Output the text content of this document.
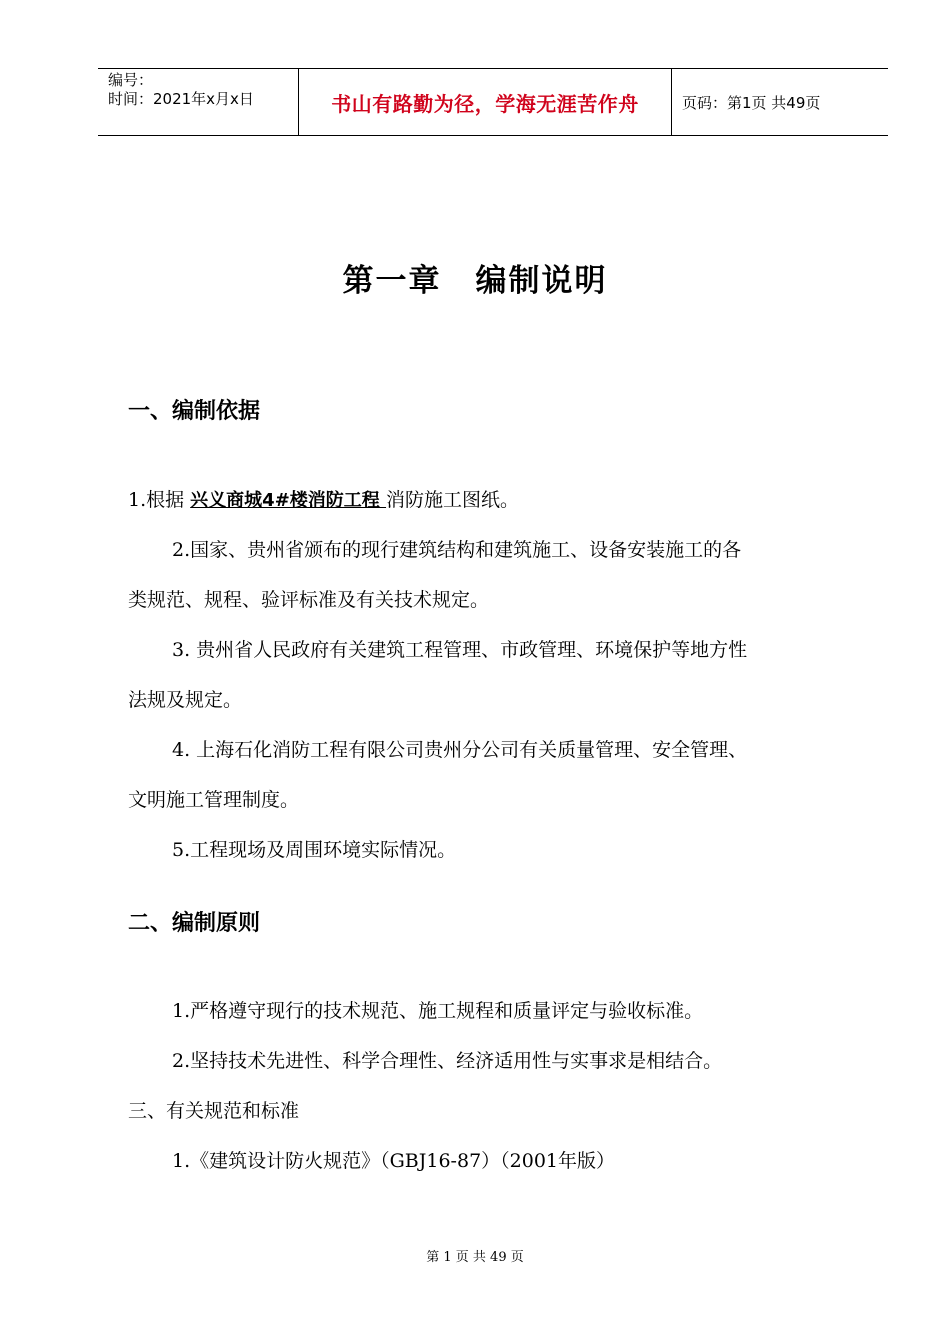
编号：
时间：2021年x月x日	书山有路勤为径，学海无涯苦作舟	页码：第1页 共49页
第一章 编制说明
一、编制依据
1.根据 兴义商城4#楼消防工程 消防施工图纸。
2.国家、贵州省颁布的现行建筑结构和建筑施工、设备安装施工的各
类规范、规程、验评标准及有关技术规定。
3. 贵州省人民政府有关建筑工程管理、市政管理、环境保护等地方性
法规及规定。
4. 上海石化消防工程有限公司贵州分公司有关质量管理、安全管理、
文明施工管理制度。
5.工程现场及周围环境实际情况。
二、编制原则
1.严格遵守现行的技术规范、施工规程和质量评定与验收标准。
2.坚持技术先进性、科学合理性、经济适用性与实事求是相结合。
三、有关规范和标准
1.《建筑设计防火规范》（GBJ16-87）（2001年版）
第 1 页 共 49 页
